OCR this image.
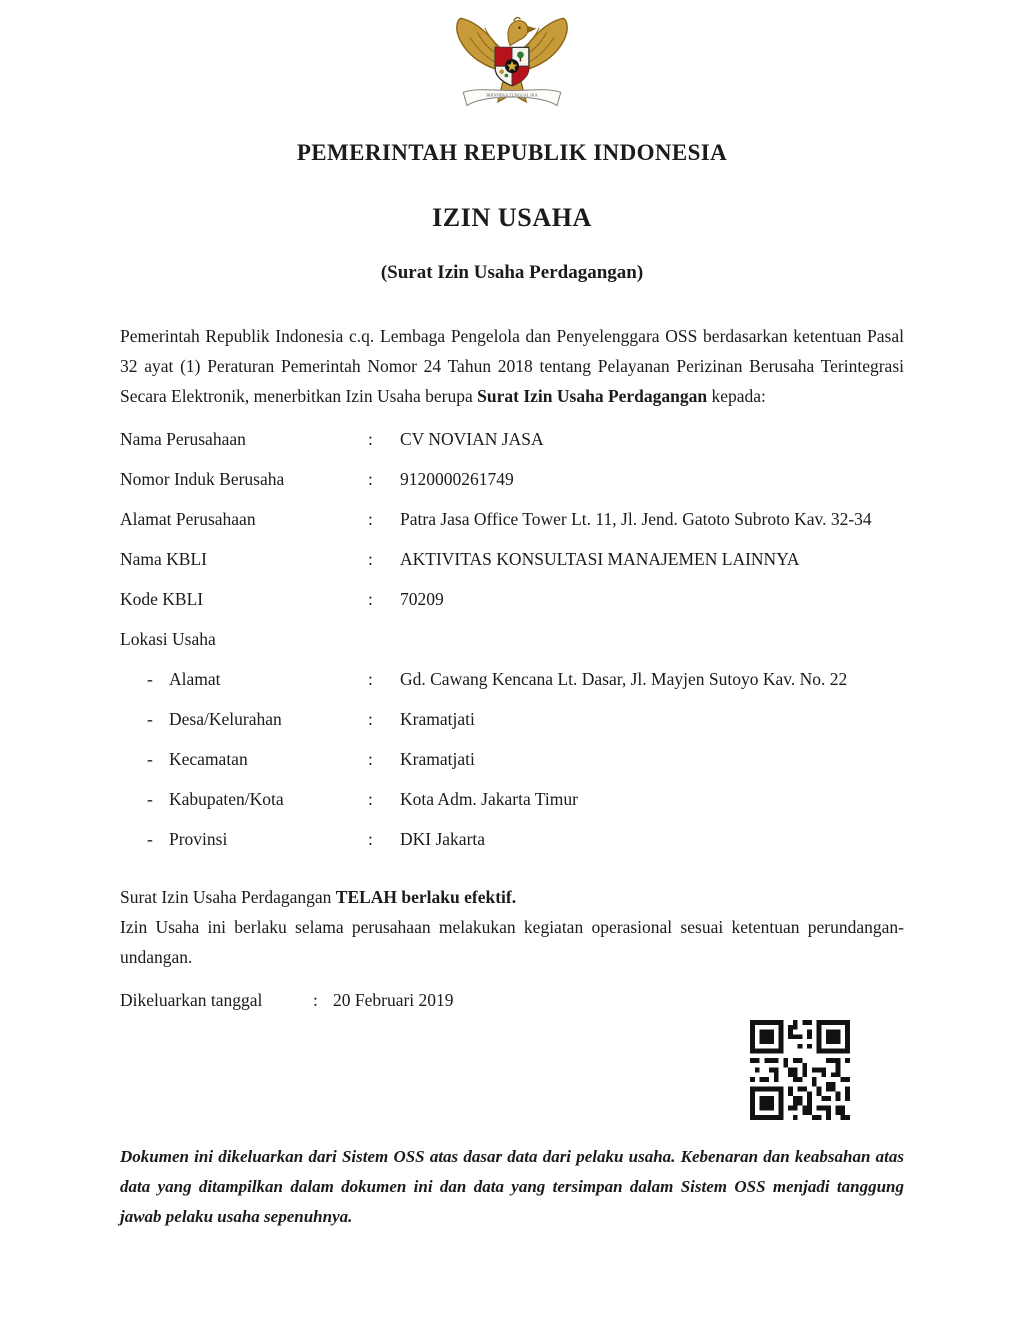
BHINNEKA TUNGGAL IKA
PEMERINTAH REPUBLIK INDONESIA
IZIN USAHA
(Surat Izin Usaha Perdagangan)

Pemerintah Republik Indonesia c.q. Lembaga Pengelola dan Penyelenggara OSS berdasarkan ketentuan Pasal 32 ayat (1) Peraturan Pemerintah Nomor 24 Tahun 2018 tentang Pelayanan Perizinan Berusaha Terintegrasi Secara Elektronik, menerbitkan Izin Usaha berupa Surat Izin Usaha Perdagangan kepada:

Nama Perusahaan	:	CV NOVIAN JASA
Nomor Induk Berusaha	:	9120000261749
Alamat Perusahaan	:	Patra Jasa Office Tower Lt. 11, Jl. Jend. Gatoto Subroto Kav. 32-34
Nama KBLI	:	AKTIVITAS KONSULTASI MANAJEMEN LAINNYA
Kode KBLI	:	70209
Lokasi Usaha
- Alamat	:	Gd. Cawang Kencana Lt. Dasar, Jl. Mayjen Sutoyo Kav. No. 22
- Desa/Kelurahan	:	Kramatjati
- Kecamatan	:	Kramatjati
- Kabupaten/Kota	:	Kota Adm. Jakarta Timur
- Provinsi	:	DKI Jakarta

Surat Izin Usaha Perdagangan TELAH berlaku efektif.

Izin Usaha ini berlaku selama perusahaan melakukan kegiatan operasional sesuai ketentuan perundangan-undangan.

Dikeluarkan tanggal	: 20 Februari 2019

Dokumen ini dikeluarkan dari Sistem OSS atas dasar data dari pelaku usaha. Kebenaran dan keabsahan atas data yang ditampilkan dalam dokumen ini dan data yang tersimpan dalam Sistem OSS menjadi tanggung jawab pelaku usaha sepenuhnya.
